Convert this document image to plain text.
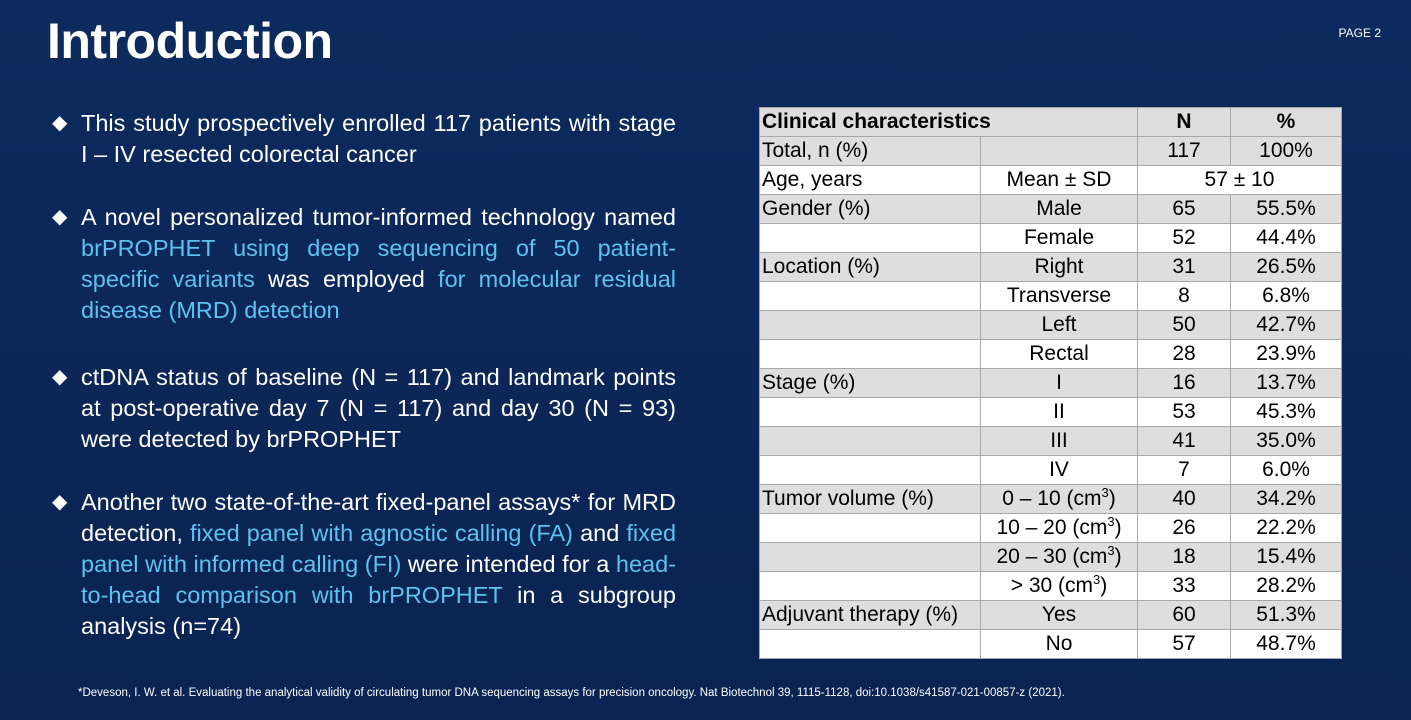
Introduction	PAGE 2
◆ This study prospectively enrolled 117 patients with stage I – IV resected colorectal cancer
◆ A novel personalized tumor-informed technology named brPROPHET using deep sequencing of 50 patient-specific variants was employed for molecular residual disease (MRD) detection
◆ ctDNA status of baseline (N = 117) and landmark points at post-operative day 7 (N = 117) and day 30 (N = 93) were detected by brPROPHET
◆ Another two state-of-the-art fixed-panel assays* for MRD detection, fixed panel with agnostic calling (FA) and fixed panel with informed calling (FI) were intended for a head-to-head comparison with brPROPHET in a subgroup analysis (n=74)
Clinical characteristics		N	%
Total, n (%)		117	100%
Age, years	Mean ± SD	57 ± 10	
Gender (%)	Male	65	55.5%
	Female	52	44.4%
Location (%)	Right	31	26.5%
	Transverse	8	6.8%
	Left	50	42.7%
	Rectal	28	23.9%
Stage (%)	I	16	13.7%
	II	53	45.3%
	III	41	35.0%
	IV	7	6.0%
Tumor volume (%)	0 – 10 $(cm^3)$	40	34.2%
	10 – 20 $(cm^3)$	26	22.2%
	20 – 30 $(cm^3)$	18	15.4%
	> 30 $(cm^3)$	33	28.2%
Adjuvant therapy (%)	Yes	60	51.3%
	No	57	48.7%
*Deveson, I. W. et al. Evaluating the analytical validity of circulating tumor DNA sequencing assays for precision oncology. Nat Biotechnol 39, 1115-1128, doi:10.1038/s41587-021-00857-z (2021).
